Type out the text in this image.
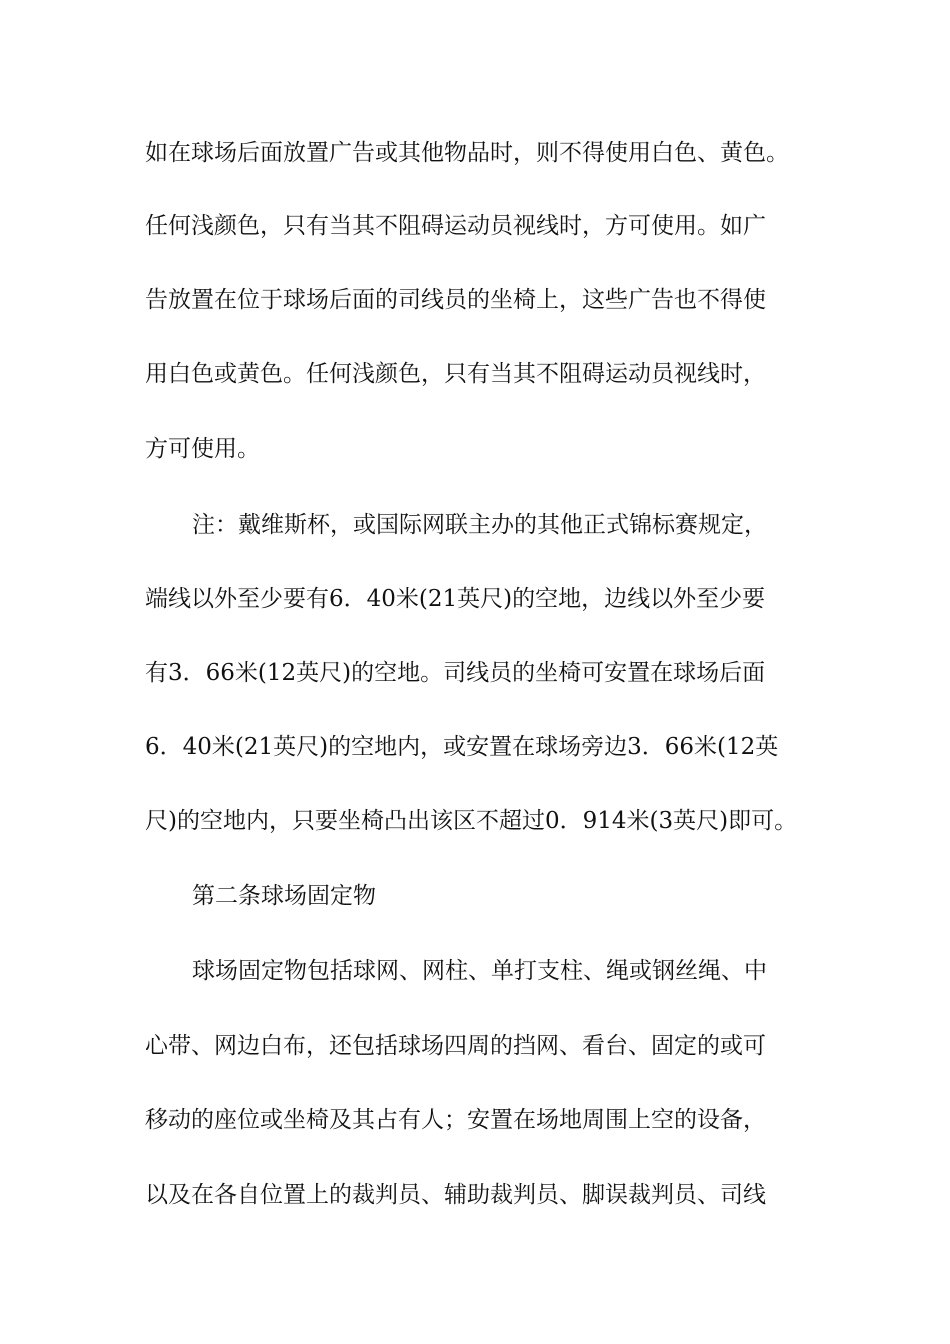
如在球场后面放置广告或其他物品时，则不得使用白色、黄色。
任何浅颜色，只有当其不阻碍运动员视线时，方可使用。如广
告放置在位于球场后面的司线员的坐椅上，这些广告也不得使
用白色或黄色。任何浅颜色，只有当其不阻碍运动员视线时，
方可使用。
注：戴维斯杯，或国际网联主办的其他正式锦标赛规定，
端线以外至少要有6．40米(21英尺)的空地，边线以外至少要
有3．66米(12英尺)的空地。司线员的坐椅可安置在球场后面
6．40米(21英尺)的空地内，或安置在球场旁边3．66米(12英
尺)的空地内，只要坐椅凸出该区不超过0．914米(3英尺)即可。
第二条球场固定物
球场固定物包括球网、网柱、单打支柱、绳或钢丝绳、中
心带、网边白布，还包括球场四周的挡网、看台、固定的或可
移动的座位或坐椅及其占有人；安置在场地周围上空的设备，
以及在各自位置上的裁判员、辅助裁判员、脚误裁判员、司线
